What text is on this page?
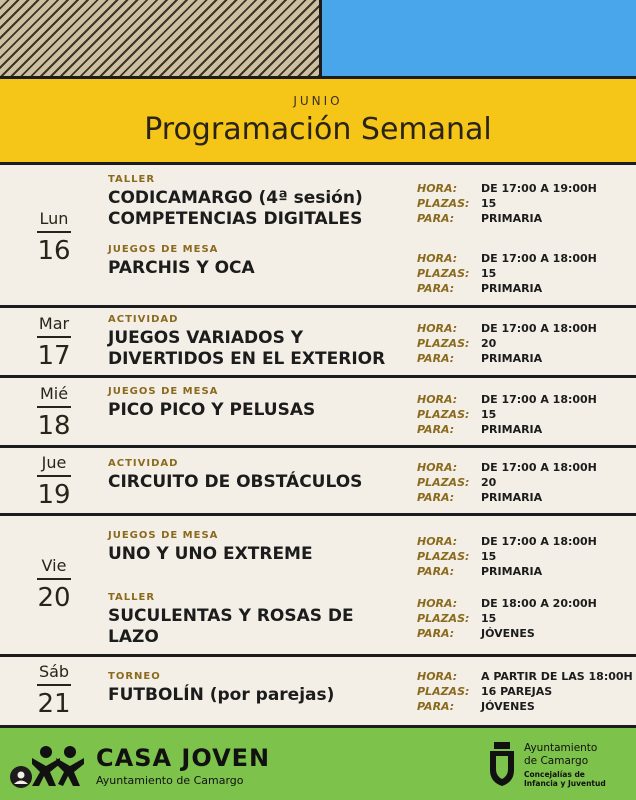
JUNIO
Programación Semanal
Lun
16
TALLER
CODICAMARGO (4ª sesión) COMPETENCIAS DIGITALES
HORA: DE 17:00 A 19:00H
PLAZAS: 15
PARA: PRIMARIA
JUEGOS DE MESA
PARCHIS Y OCA	HORA: DE 17:00 A 18:00H
PLAZAS: 15
PARA: PRIMARIA
Mar
17
ACTIVIDAD
JUEGOS VARIADOS Y DIVERTIDOS EN EL EXTERIOR
HORA: DE 17:00 A 18:00H
PLAZAS: 20
PARA: PRIMARIA
Mié
18
JUEGOS DE MESA
PICO PICO Y PELUSAS
HORA: DE 17:00 A 18:00H
PLAZAS: 15
PARA: PRIMARIA
Jue
19
ACTIVIDAD
CIRCUITO DE OBSTÁCULOS
HORA: DE 17:00 A 18:00H
PLAZAS: 20
PARA: PRIMARIA
Vie
20
JUEGOS DE MESA
UNO Y UNO EXTREME
HORA: DE 17:00 A 18:00H
PLAZAS: 15
PARA: PRIMARIA
TALLER
SUCULENTAS Y ROSAS DE LAZO
HORA: DE 18:00 A 20:00H
PLAZAS: 15
PARA: JÓVENES
Sáb
21
TORNEO
FUTBOLÍN (por parejas)
HORA: A PARTIR DE LAS 18:00H
PLAZAS: 16 PAREJAS
PARA: JÓVENES
CASA JOVEN
Ayuntamiento de Camargo
Ayuntamiento
de Camargo
Concejalías de
Infancia y Juventud
